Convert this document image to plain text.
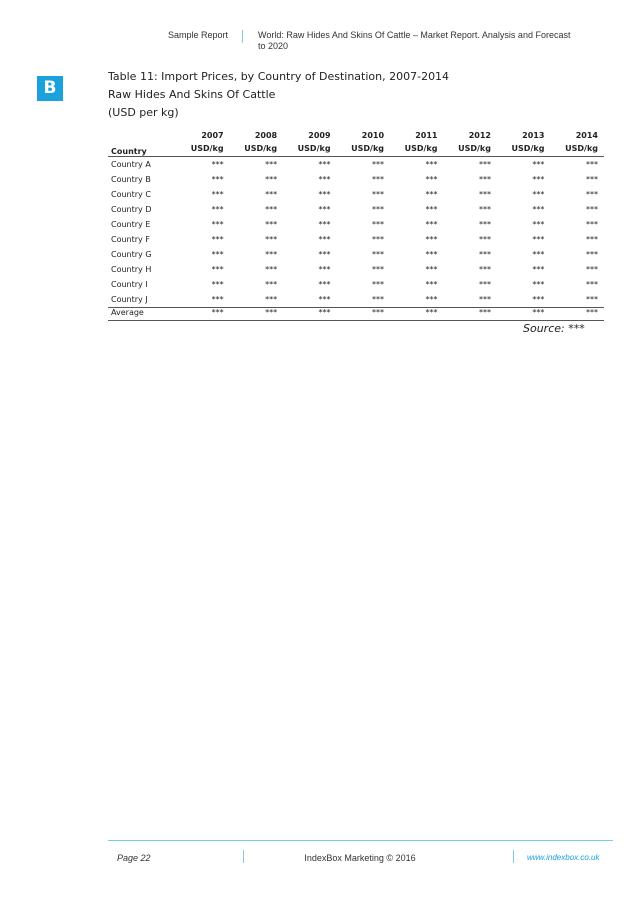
Sample Report	World: Raw Hides And Skins Of Cattle – Market Report. Analysis and Forecast to 2020
B
Table 11: Import Prices, by Country of Destination, 2007-2014
Raw Hides And Skins Of Cattle
(USD per kg)
Country	2007	2008	2009	2010	2011	2012	2013	2014
	USD/kg	USD/kg	USD/kg	USD/kg	USD/kg	USD/kg	USD/kg	USD/kg
Country A	***	***	***	***	***	***	***	***
Country B	***	***	***	***	***	***	***	***
Country C	***	***	***	***	***	***	***	***
Country D	***	***	***	***	***	***	***	***
Country E	***	***	***	***	***	***	***	***
Country F	***	***	***	***	***	***	***	***
Country G	***	***	***	***	***	***	***	***
Country H	***	***	***	***	***	***	***	***
Country I	***	***	***	***	***	***	***	***
Country J	***	***	***	***	***	***	***	***
Average	***	***	***	***	***	***	***	***
Source: ***
Page 22	IndexBox Marketing © 2016	www.indexbox.co.uk
